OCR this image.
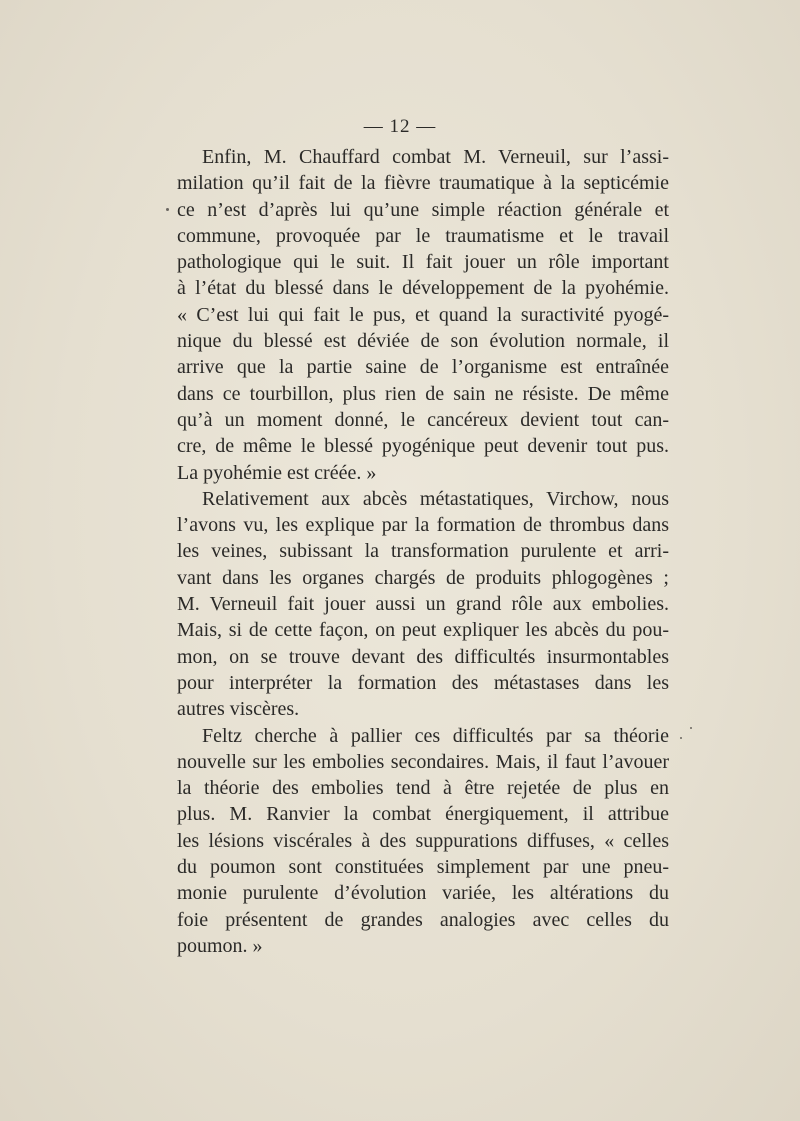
— 12 —
Enfin, M. Chauffard combat M. Verneuil, sur l’assi-
milation qu’il fait de la fièvre traumatique à la septicémie
ce n’est d’après lui qu’une simple réaction générale et
commune, provoquée par le traumatisme et le travail
pathologique qui le suit. Il fait jouer un rôle important
à l’état du blessé dans le développement de la pyohémie.
« C’est lui qui fait le pus, et quand la suractivité pyogé-
nique du blessé est déviée de son évolution normale, il
arrive que la partie saine de l’organisme est entraînée
dans ce tourbillon, plus rien de sain ne résiste. De même
qu’à un moment donné, le cancéreux devient tout can-
cre, de même le blessé pyogénique peut devenir tout pus.
La pyohémie est créée. »
Relativement aux abcès métastatiques, Virchow, nous
l’avons vu, les explique par la formation de thrombus dans
les veines, subissant la transformation purulente et arri-
vant dans les organes chargés de produits phlogogènes ;
M. Verneuil fait jouer aussi un grand rôle aux embolies.
Mais, si de cette façon, on peut expliquer les abcès du pou-
mon, on se trouve devant des difficultés insurmontables
pour interpréter la formation des métastases dans les
autres viscères.
Feltz cherche à pallier ces difficultés par sa théorie
nouvelle sur les embolies secondaires. Mais, il faut l’avouer
la théorie des embolies tend à être rejetée de plus en
plus. M. Ranvier la combat énergiquement, il attribue
les lésions viscérales à des suppurations diffuses, « celles
du poumon sont constituées simplement par une pneu-
monie purulente d’évolution variée, les altérations du
foie présentent de grandes analogies avec celles du
poumon. »
